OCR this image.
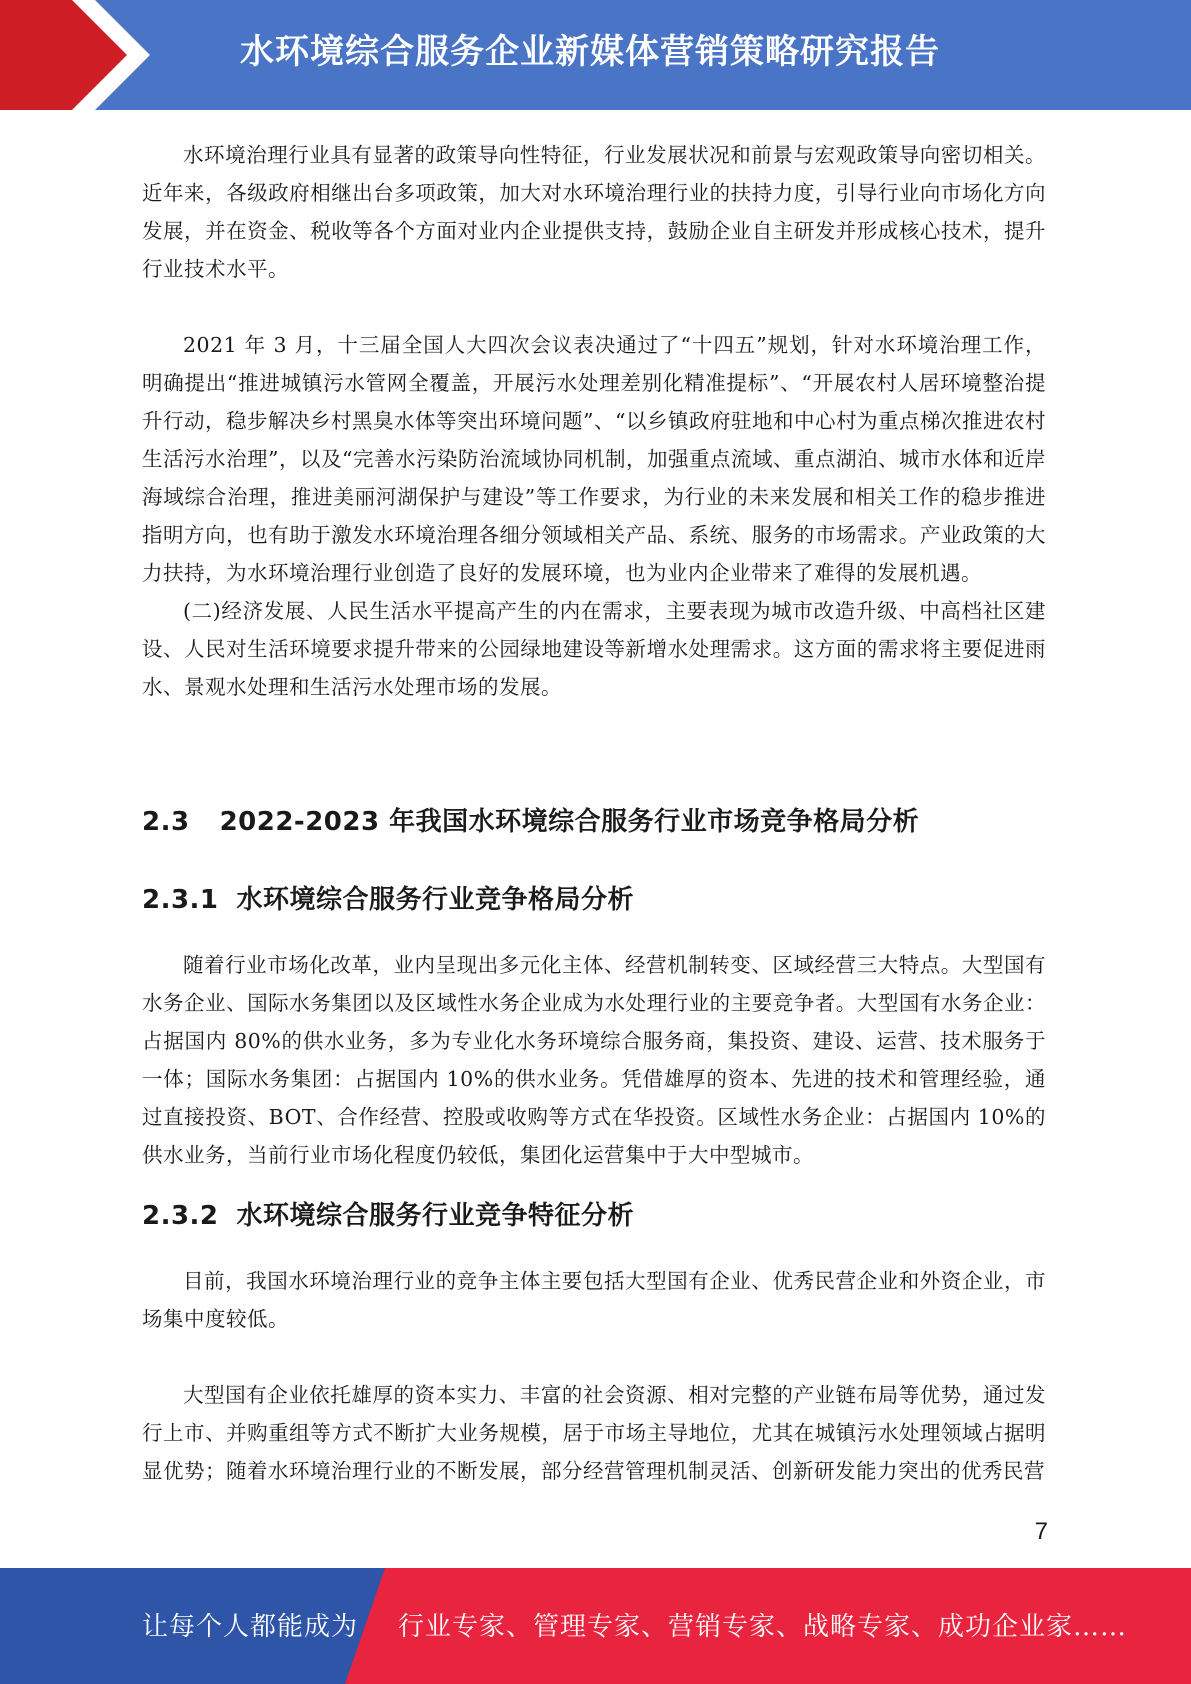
水环境综合服务企业新媒体营销策略研究报告

水环境治理行业具有显著的政策导向性特征，行业发展状况和前景与宏观政策导向密切相关。近年来，各级政府相继出台多项政策，加大对水环境治理行业的扶持力度，引导行业向市场化方向发展，并在资金、税收等各个方面对业内企业提供支持，鼓励企业自主研发并形成核心技术，提升行业技术水平。

2021 年 3 月，十三届全国人大四次会议表决通过了“十四五”规划，针对水环境治理工作，明确提出“推进城镇污水管网全覆盖，开展污水处理差别化精准提标”、“开展农村人居环境整治提升行动，稳步解决乡村黑臭水体等突出环境问题”、“以乡镇政府驻地和中心村为重点梯次推进农村生活污水治理”，以及“完善水污染防治流域协同机制，加强重点流域、重点湖泊、城市水体和近岸海域综合治理，推进美丽河湖保护与建设”等工作要求，为行业的未来发展和相关工作的稳步推进指明方向，也有助于激发水环境治理各细分领域相关产品、系统、服务的市场需求。产业政策的大力扶持，为水环境治理行业创造了良好的发展环境，也为业内企业带来了难得的发展机遇。

(二)经济发展、人民生活水平提高产生的内在需求，主要表现为城市改造升级、中高档社区建设、人民对生活环境要求提升带来的公园绿地建设等新增水处理需求。这方面的需求将主要促进雨水、景观水处理和生活污水处理市场的发展。

2.3 2022-2023 年我国水环境综合服务行业市场竞争格局分析
2.3.1 水环境综合服务行业竞争格局分析

随着行业市场化改革，业内呈现出多元化主体、经营机制转变、区域经营三大特点。大型国有水务企业、国际水务集团以及区域性水务企业成为水处理行业的主要竞争者。大型国有水务企业：占据国内 80%的供水业务，多为专业化水务环境综合服务商，集投资、建设、运营、技术服务于一体；国际水务集团：占据国内 10%的供水业务。凭借雄厚的资本、先进的技术和管理经验，通过直接投资、BOT、合作经营、控股或收购等方式在华投资。区域性水务企业：占据国内 10%的供水业务，当前行业市场化程度仍较低，集团化运营集中于大中型城市。

2.3.2 水环境综合服务行业竞争特征分析

目前，我国水环境治理行业的竞争主体主要包括大型国有企业、优秀民营企业和外资企业，市场集中度较低。

大型国有企业依托雄厚的资本实力、丰富的社会资源、相对完整的产业链布局等优势，通过发行上市、并购重组等方式不断扩大业务规模，居于市场主导地位，尤其在城镇污水处理领域占据明显优势；随着水环境治理行业的不断发展，部分经营管理机制灵活、创新研发能力突出的优秀民营

7
让每个人都能成为 行业专家、管理专家、营销专家、战略专家、成功企业家……
